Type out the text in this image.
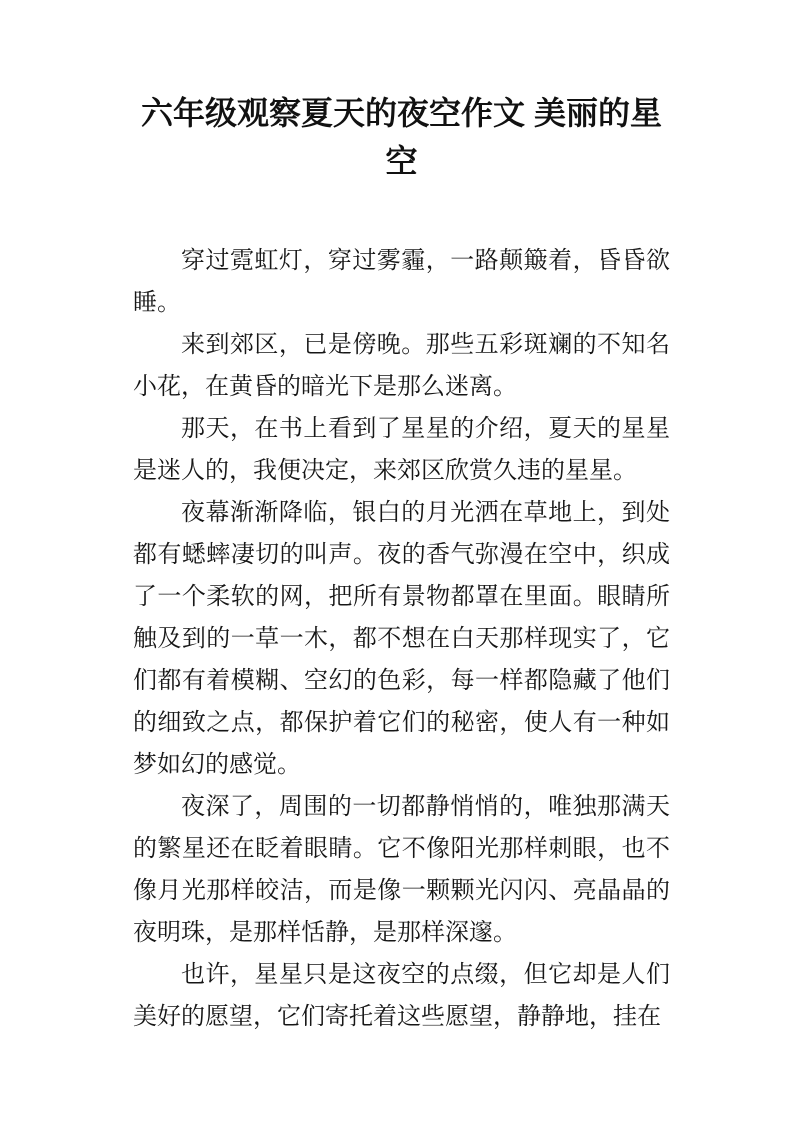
六年级观察夏天的夜空作文 美丽的星空

穿过霓虹灯，穿过雾霾，一路颠簸着，昏昏欲睡。

来到郊区，已是傍晚。那些五彩斑斓的不知名小花，在黄昏的暗光下是那么迷离。

那天，在书上看到了星星的介绍，夏天的星星是迷人的，我便决定，来郊区欣赏久违的星星。

夜幕渐渐降临，银白的月光洒在草地上，到处都有蟋蟀凄切的叫声。夜的香气弥漫在空中，织成了一个柔软的网，把所有景物都罩在里面。眼睛所触及到的一草一木，都不想在白天那样现实了，它们都有着模糊、空幻的色彩，每一样都隐藏了他们的细致之点，都保护着它们的秘密，使人有一种如梦如幻的感觉。

夜深了，周围的一切都静悄悄的，唯独那满天的繁星还在眨着眼睛。它不像阳光那样刺眼，也不像月光那样皎洁，而是像一颗颗光闪闪、亮晶晶的夜明珠，是那样恬静，是那样深邃。

也许，星星只是这夜空的点缀，但它却是人们美好的愿望，它们寄托着这些愿望，静静地，挂在
